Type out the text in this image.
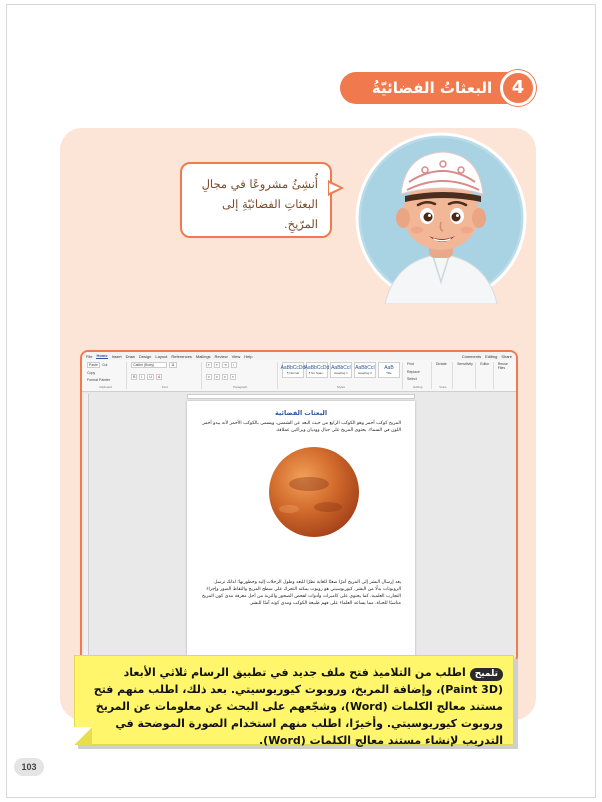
البعثاتُ الفضائيّةُ	4
أُنشِئُ مشروعًا في مجالِ
البعثاتِ الفضائيّةِ إلى المرّيخِ.
File Home Insert Draw Design Layout References Mailings Review View Help	Comments Editing Share
Paste	Cut
Copy
Format Painter
Clipboard
Calibri (Body)	11
B	I	U	A
Font
≡	≡	⇥	↕
≡	≡	≡	≡
Paragraph
AaBbCcDd
¶ Normal
AaBbCcDd
¶ No Spac...
AaBbCcI
Heading 1
AaBbCcI
Heading 2
AaB
Title
Styles
Find
Replace
Select
Editing
Dictate
Voice
Sensitivity Editor	Reuse Files
البعثات الفضائية
المريخ كوكب أحمر وهو الكوكب الرابع من حيث البعد عن الشمس، ويسمى بالكوكب الأحمر لأنه يبدو أحمر اللون في السماء. يحتوي المريخ على جبال ووديان وبراكين عملاقة.
يعد إرسال البشر إلى المريخ أمرًا صعبًا للغاية نظرًا للبعد وطول الرحلات إليه وخطورتها؛ لذلك ترسل الروبوتات بدلًا من البشر. كيوريوسيتي هو روبوت يمكنه التحرك على سطح المريخ والتقاط الصور وإجراء التجارب العلمية، كما يحتوي على كاميرات وأدوات لفحص الصخور والتربة من أجل معرفة مدى كون المريخ مناسبًا للحياة، مما يساعد العلماء على فهم طبيعة الكوكب ومدى كونه آمنًا للبشر.
تلميحاطلب من التلاميذ فتح ملف جديد في تطبيق الرسام ثلاثي الأبعاد (Paint 3D)، وإضافة المريخ، وروبوت كيوريوسيتي. بعد ذلك، اطلب منهم فتح مستند معالج الكلمات (Word)، وشجّعهم على البحث عن معلومات عن المريخ وروبوت كيوريوسيتي. وأخيرًا، اطلب منهم استخدام الصورة الموضحة في التدريب لإنشاء مستند معالج الكلمات (Word).
103
